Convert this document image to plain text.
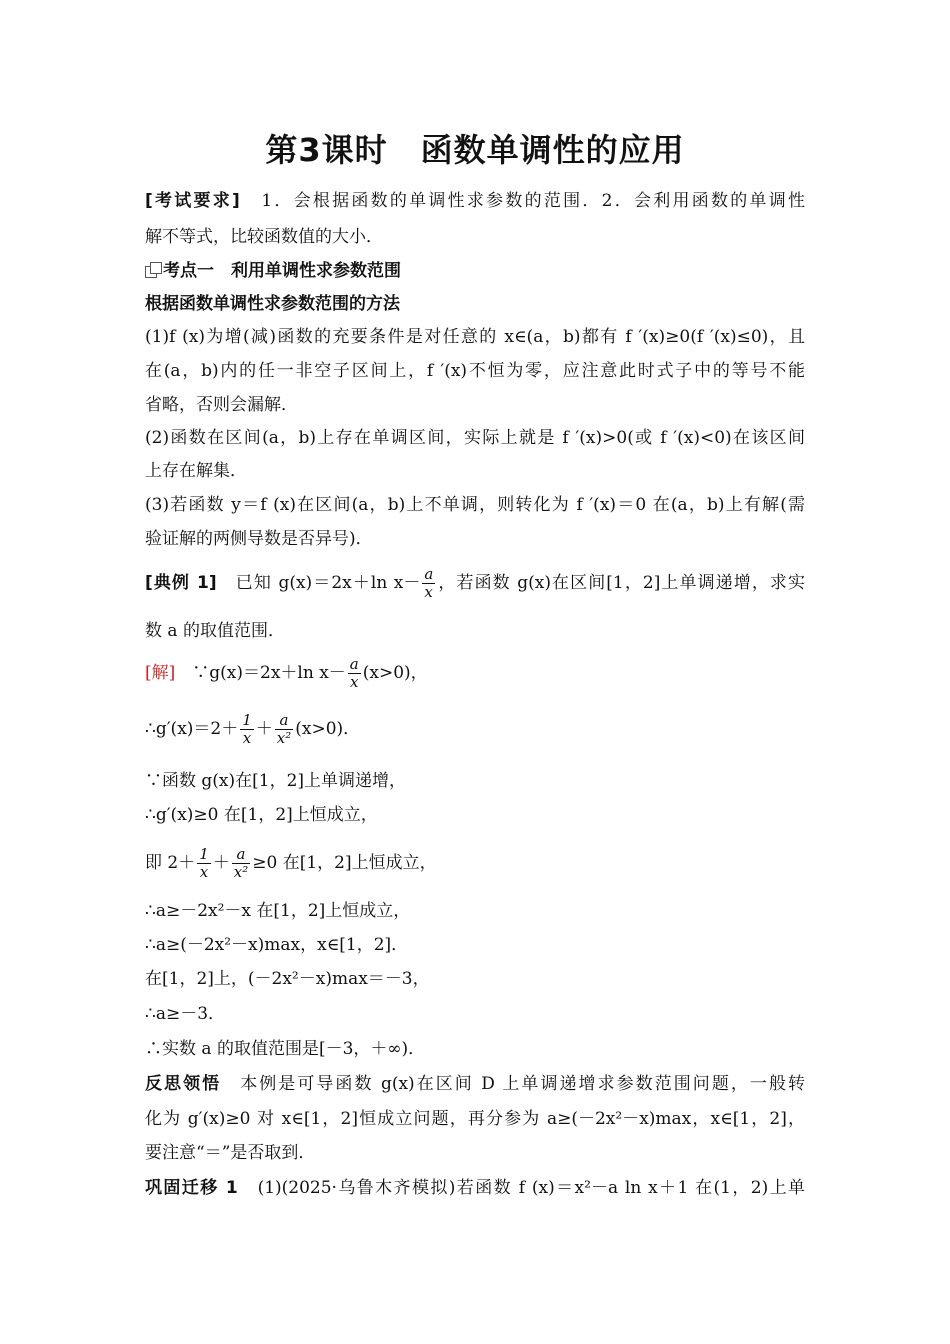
第3课时　函数单调性的应用
[考试要求]　1．会根据函数的单调性求参数的范围．2．会利用函数的单调性
解不等式，比较函数值的大小．
考点一　利用单调性求参数范围
根据函数单调性求参数范围的方法
(1)f (x)为增(减)函数的充要条件是对任意的 x∈(a，b)都有 f ′(x)≥0(f ′(x)≤0)，且
在(a，b)内的任一非空子区间上，f ′(x)不恒为零，应注意此时式子中的等号不能
省略，否则会漏解．
(2)函数在区间(a，b)上存在单调区间，实际上就是 f ′(x)>0(或 f ′(x)<0)在该区间
上存在解集．
(3)若函数 y＝f (x)在区间(a，b)上不单调，则转化为 f ′(x)＝0 在(a，b)上有解(需
验证解的两侧导数是否异号)．
[典例 1]　已知 g(x)＝2x＋ln $x- \frac{a}{x}$ ，若函数 g(x)在区间[1，2]上单调递增，求实
数 a 的取值范围．
[解]　∵g(x)＝2x＋ln $x- \frac{a}{x} (x>0)$，
∴g′(x)＝2＋ $\frac{1}{x} + \frac{a}{\text{x²}} (x>0)$．
∵函数 g(x)在[1，2]上单调递增，
∴g′(x)≥0 在[1，2]上恒成立，
即 $2+ \frac{1}{x} + \frac{a}{\text{x²}} \ge 0$ 在[1，2]上恒成立，
∴a≥－2x²－x 在[1，2]上恒成立，
∴a≥(－2x²－x)max，x∈[1，2]．
在[1，2]上，(－2x²－x)max＝－3，
∴a≥－3．
∴实数 a 的取值范围是[－3，＋∞)．
反思领悟　本例是可导函数 g(x)在区间 D 上单调递增求参数范围问题，一般转
化为 g′(x)≥0 对 x∈[1，2]恒成立问题，再分参为 a≥(－2x²－x)max，x∈[1，2]，
要注意“＝”是否取到．
巩固迁移 1　(1)(2025·乌鲁木齐模拟)若函数 f (x)＝x²－a ln x＋1 在(1，2)上单
